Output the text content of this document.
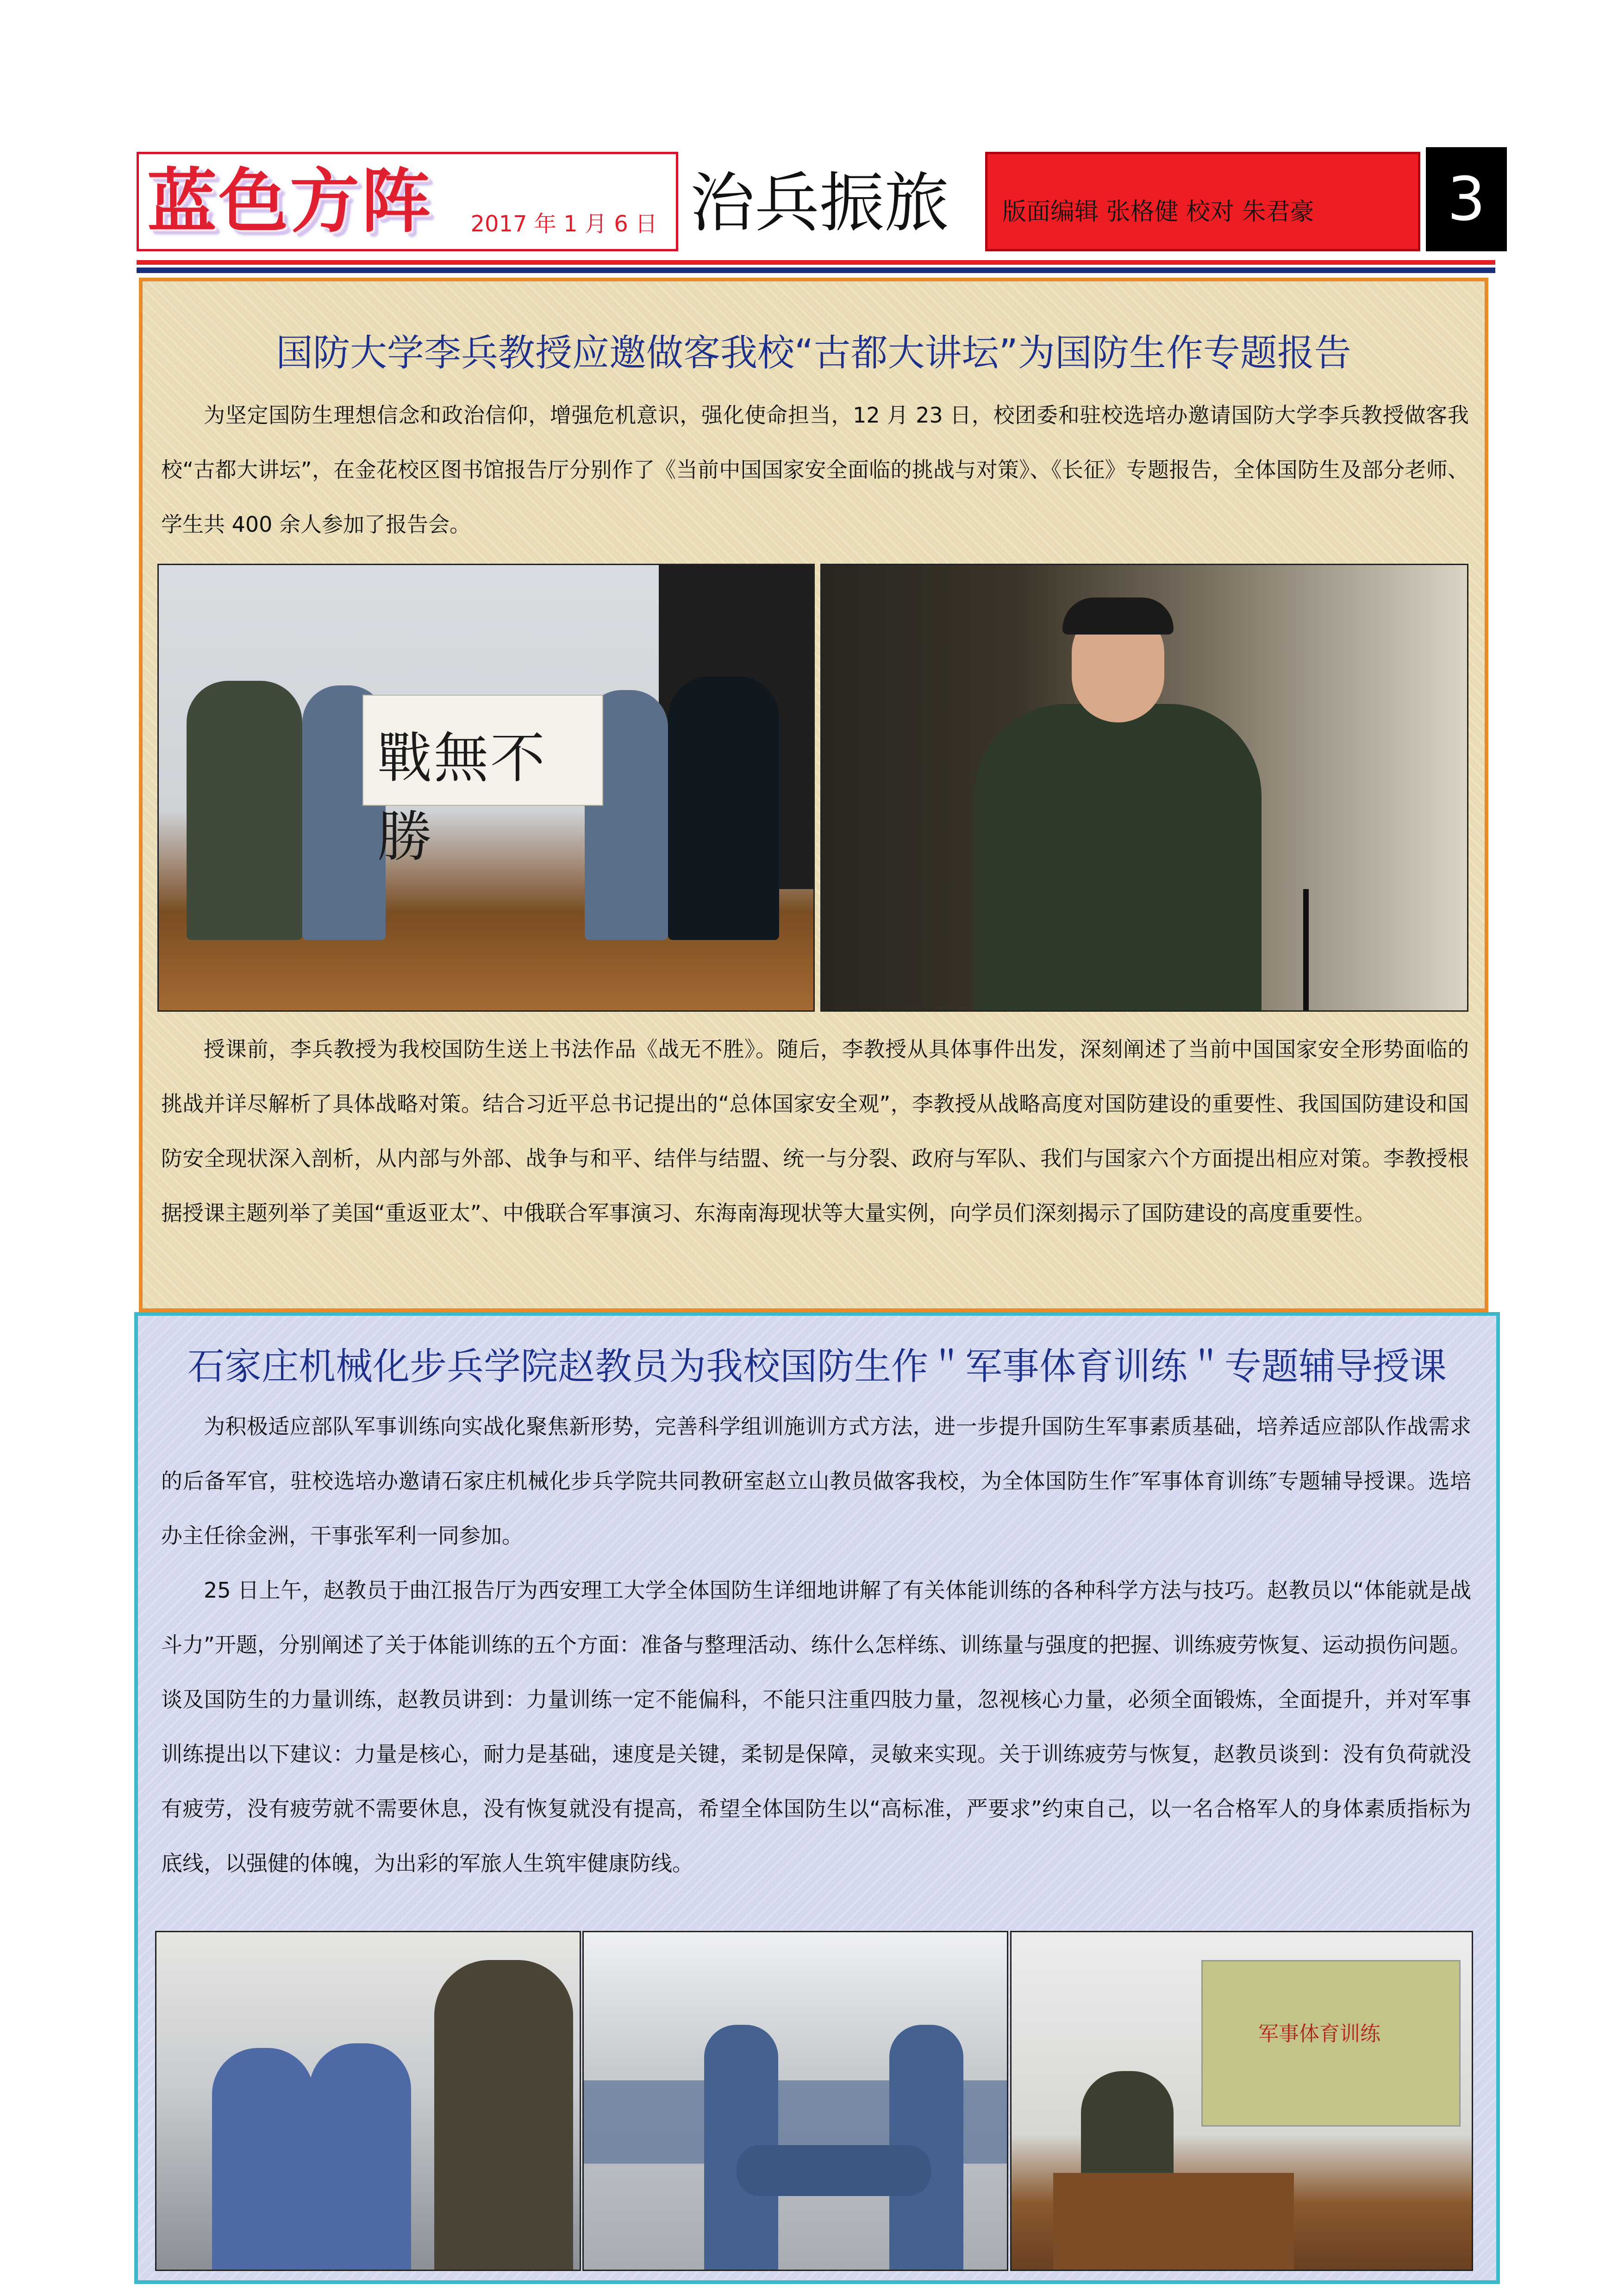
蓝色方阵 2017 年 1 月 6 日 治兵振旅 版面编辑 张格健 校对 朱君豪	3
国防大学李兵教授应邀做客我校“古都大讲坛”为国防生作专题报告

为坚定国防生理想信念和政治信仰，增强危机意识，强化使命担当，12 月 23 日，校团委和驻校选培办邀请国防大学李兵教授做客我校“古都大讲坛”，在金花校区图书馆报告厅分别作了《当前中国国家安全面临的挑战与对策》、《长征》专题报告，全体国防生及部分老师、学生共 400 余人参加了报告会。

授课前，李兵教授为我校国防生送上书法作品《战无不胜》。随后，李教授从具体事件出发，深刻阐述了当前中国国家安全形势面临的挑战并详尽解析了具体战略对策。结合习近平总书记提出的“总体国家安全观”，李教授从战略高度对国防建设的重要性、我国国防建设和国防安全现状深入剖析，从内部与外部、战争与和平、结伴与结盟、统一与分裂、政府与军队、我们与国家六个方面提出相应对策。李教授根据授课主题列举了美国“重返亚太”、中俄联合军事演习、东海南海现状等大量实例，向学员们深刻揭示了国防建设的高度重要性。

戰無不勝
石家庄机械化步兵学院赵教员为我校国防生作＂军事体育训练＂专题辅导授课

为积极适应部队军事训练向实战化聚焦新形势，完善科学组训施训方式方法，进一步提升国防生军事素质基础，培养适应部队作战需求的后备军官，驻校选培办邀请石家庄机械化步兵学院共同教研室赵立山教员做客我校，为全体国防生作″军事体育训练″专题辅导授课。选培办主任徐金洲，干事张军利一同参加。

25 日上午，赵教员于曲江报告厅为西安理工大学全体国防生详细地讲解了有关体能训练的各种科学方法与技巧。赵教员以“体能就是战斗力”开题，分别阐述了关于体能训练的五个方面：准备与整理活动、练什么怎样练、训练量与强度的把握、训练疲劳恢复、运动损伤问题。谈及国防生的力量训练，赵教员讲到：力量训练一定不能偏科，不能只注重四肢力量，忽视核心力量，必须全面锻炼，全面提升，并对军事训练提出以下建议：力量是核心，耐力是基础，速度是关键，柔韧是保障，灵敏来实现。关于训练疲劳与恢复，赵教员谈到：没有负荷就没有疲劳，没有疲劳就不需要休息，没有恢复就没有提高，希望全体国防生以“高标准，严要求”约束自己，以一名合格军人的身体素质指标为底线，以强健的体魄，为出彩的军旅人生筑牢健康防线。

军事体育训练
